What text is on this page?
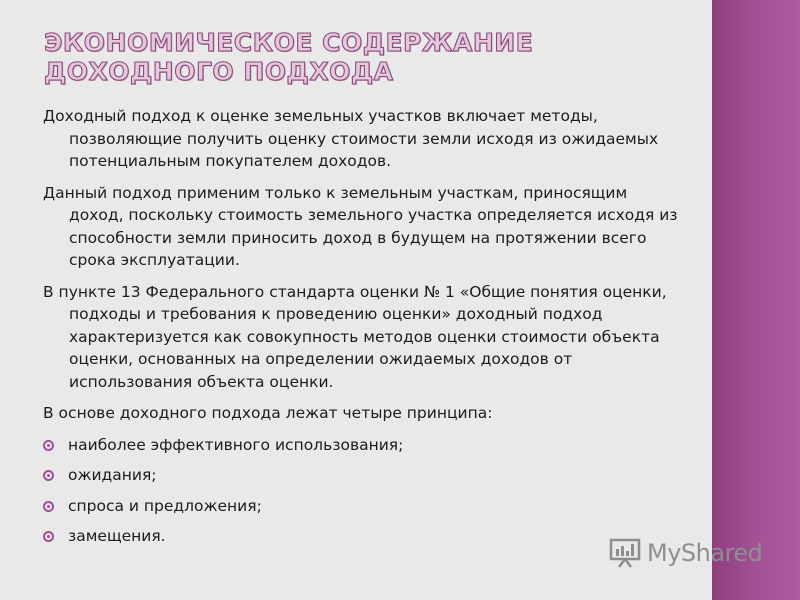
ЭКОНОМИЧЕСКОЕ СОДЕРЖАНИЕ ДОХОДНОГО ПОДХОДА

Доходный подход к оценке земельных участков включает методы, позволяющие получить оценку стоимости земли исходя из ожидаемых потенциальным покупателем доходов.

Данный подход применим только к земельным участкам, приносящим доход, поскольку стоимость земельного участка определяется исходя из способности земли приносить доход в будущем на протяжении всего срока эксплуатации.

В пункте 13 Федерального стандарта оценки № 1 «Общие понятия оценки, подходы и требования к проведению оценки» доходный подход характеризуется как совокупность методов оценки стоимости объекта оценки, основанных на определении ожидаемых доходов от использования объекта оценки.

В основе доходного подхода лежат четыре принципа:

наиболее эффективного использования;
ожидания;
спроса и предложения;
замещения.
MyShared
